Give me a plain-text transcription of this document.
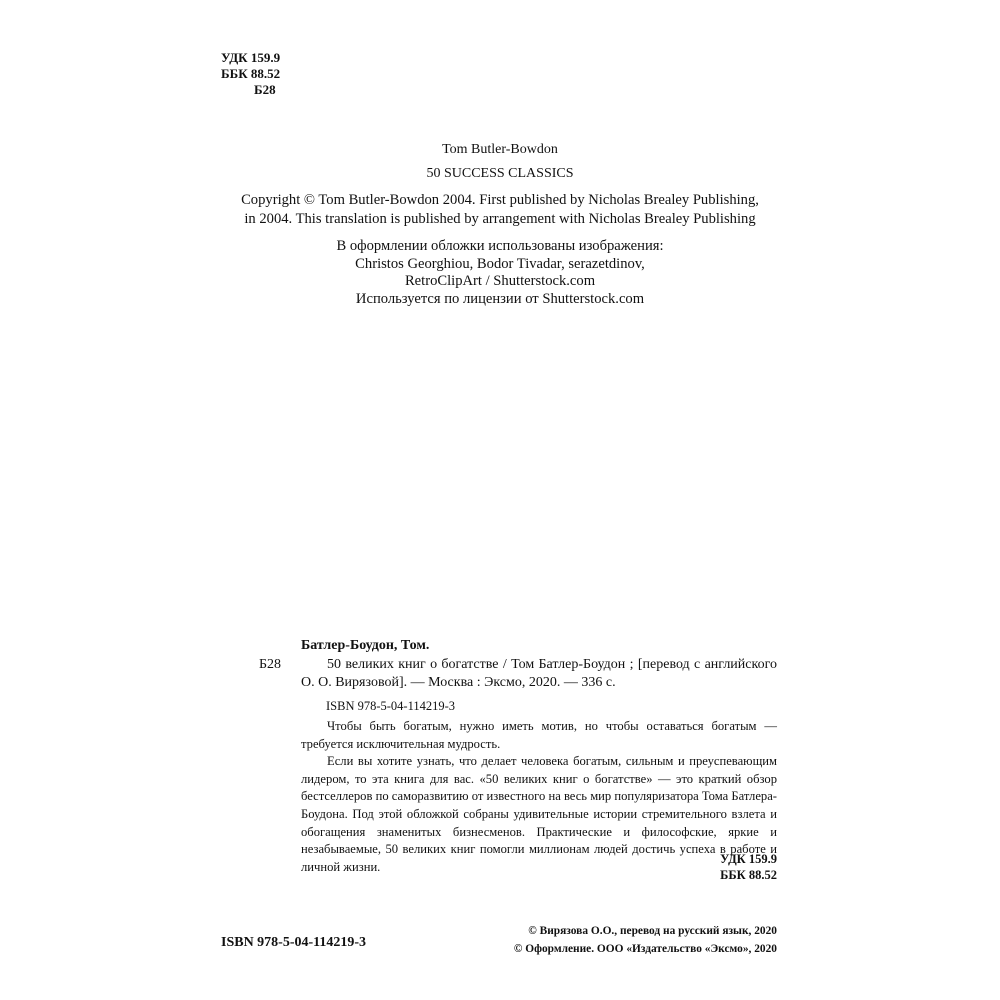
УДК 159.9
ББК 88.52
Б28
Tom Butler-Bowdon
50 SUCCESS CLASSICS
Copyright © Tom Butler-Bowdon 2004. First published by Nicholas Brealey Publishing,
in 2004. This translation is published by arrangement with Nicholas Brealey Publishing
В оформлении обложки использованы изображения:
Christos Georghiou, Bodor Tivadar, serazetdinov,
RetroClipArt / Shutterstock.com
Используется по лицензии от Shutterstock.com
Б28
Батлер-Боудон, Том.
50 великих книг о богатстве / Том Батлер-Боудон ; [перевод с английского О. О. Вирязовой]. — Москва : Эксмо, 2020. — 336 с.
ISBN 978-5-04-114219-3

Чтобы быть богатым, нужно иметь мотив, но чтобы оставаться богатым — требуется исключительная мудрость.

Если вы хотите узнать, что делает человека богатым, сильным и преуспевающим лидером, то эта книга для вас. «50 великих книг о богатстве» — это краткий обзор бестселлеров по саморазвитию от известного на весь мир популяризатора Тома Батлера-Боудона. Под этой обложкой собраны удивительные истории стремительного взлета и обогащения знаменитых бизнесменов. Практические и философские, яркие и незабываемые, 50 великих книг помогли миллионам людей достичь успеха в работе и личной жизни.

УДК 159.9
ББК 88.52
ISBN 978-5-04-114219-3
© Вирязова О.О., перевод на русский язык, 2020
© Оформление. ООО «Издательство «Эксмо», 2020
